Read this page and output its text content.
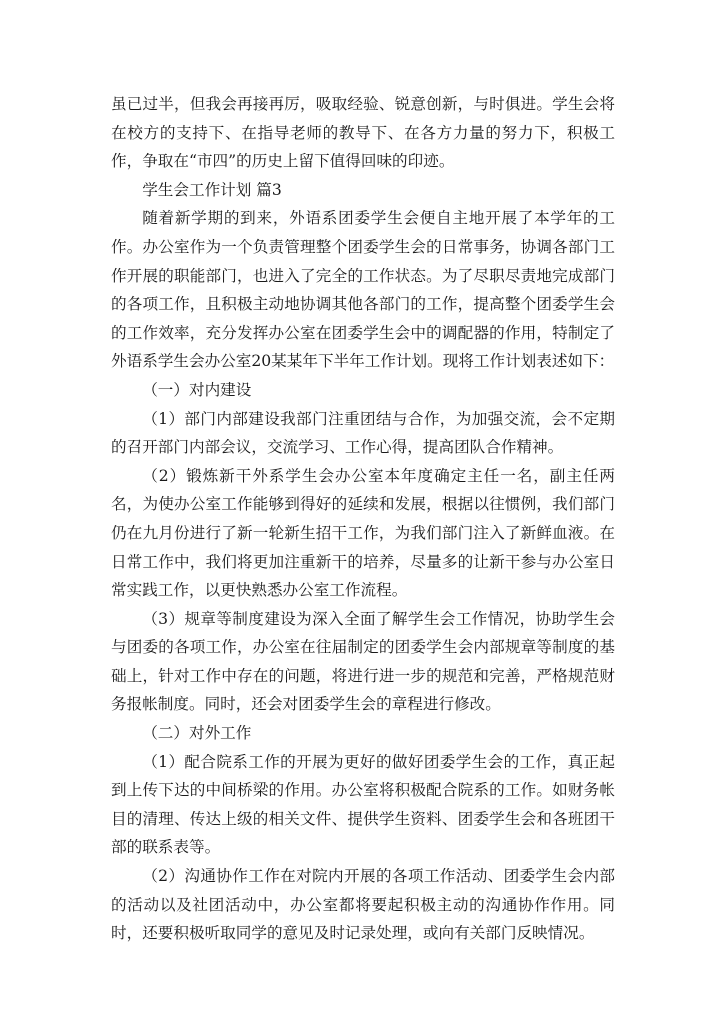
虽已过半，但我会再接再厉，吸取经验、锐意创新，与时俱进。学生会将在校方的支持下、在指导老师的教导下、在各方力量的努力下，积极工作，争取在“市四”的历史上留下值得回味的印迹。

学生会工作计划 篇3

随着新学期的到来，外语系团委学生会便自主地开展了本学年的工作。办公室作为一个负责管理整个团委学生会的日常事务，协调各部门工作开展的职能部门，也进入了完全的工作状态。为了尽职尽责地完成部门的各项工作，且积极主动地协调其他各部门的工作，提高整个团委学生会的工作效率，充分发挥办公室在团委学生会中的调配器的作用，特制定了外语系学生会办公室20某某年下半年工作计划。现将工作计划表述如下：

（一）对内建设

（1）部门内部建设我部门注重团结与合作，为加强交流，会不定期的召开部门内部会议，交流学习、工作心得，提高团队合作精神。

（2）锻炼新干外系学生会办公室本年度确定主任一名，副主任两名，为使办公室工作能够到得好的延续和发展，根据以往惯例，我们部门仍在九月份进行了新一轮新生招干工作，为我们部门注入了新鲜血液。在日常工作中，我们将更加注重新干的培养，尽量多的让新干参与办公室日常实践工作，以更快熟悉办公室工作流程。

（3）规章等制度建设为深入全面了解学生会工作情况，协助学生会与团委的各项工作，办公室在往届制定的团委学生会内部规章等制度的基础上，针对工作中存在的问题，将进行进一步的规范和完善，严格规范财务报帐制度。同时，还会对团委学生会的章程进行修改。

（二）对外工作

（1）配合院系工作的开展为更好的做好团委学生会的工作，真正起到上传下达的中间桥梁的作用。办公室将积极配合院系的工作。如财务帐目的清理、传达上级的相关文件、提供学生资料、团委学生会和各班团干部的联系表等。

（2）沟通协作工作在对院内开展的各项工作活动、团委学生会内部的活动以及社团活动中，办公室都将要起积极主动的沟通协作作用。同时，还要积极听取同学的意见及时记录处理，或向有关部门反映情况。
